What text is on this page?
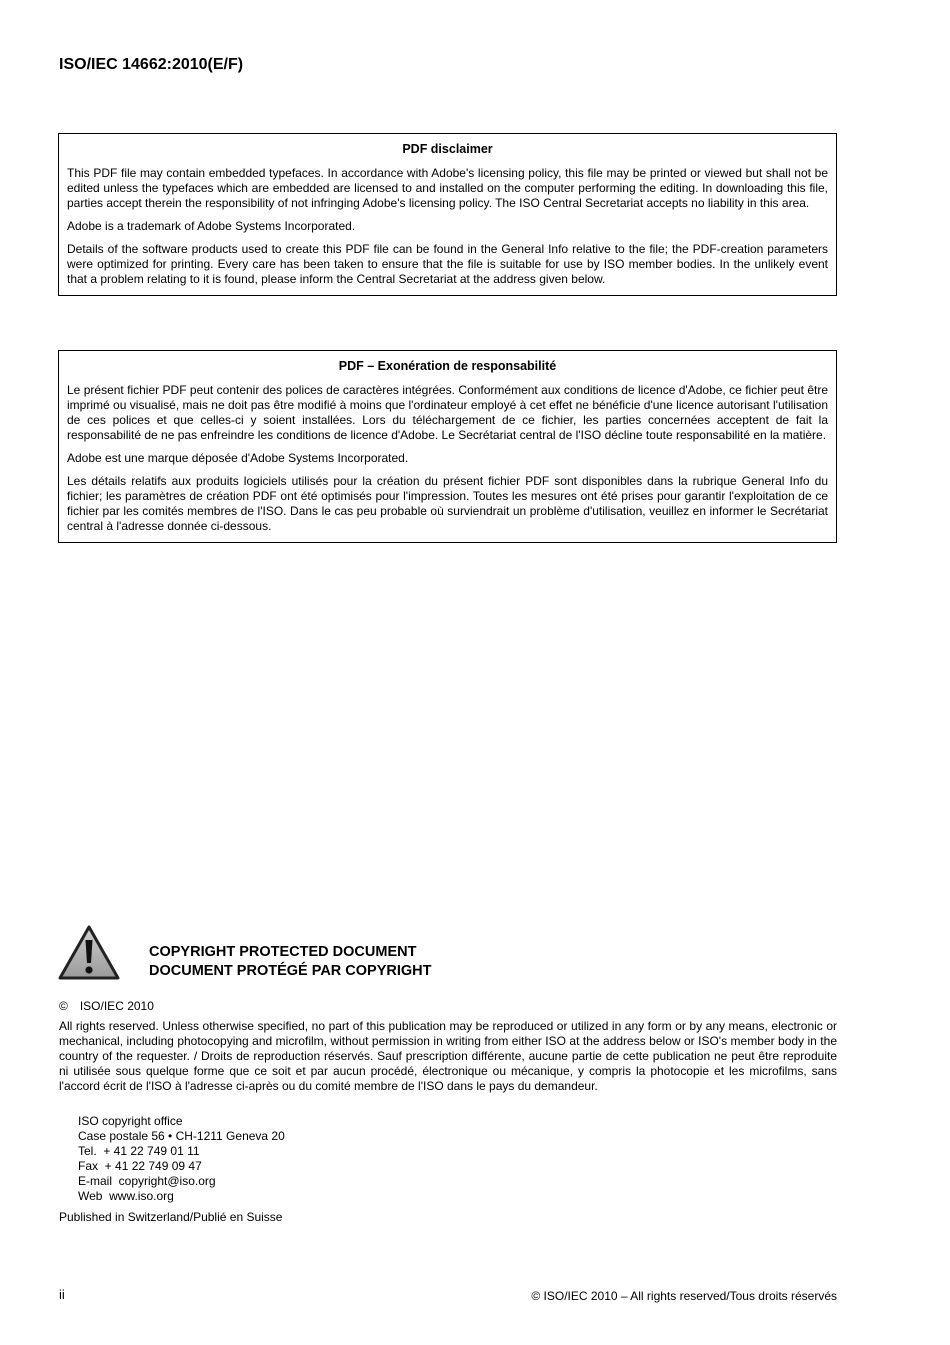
ISO/IEC 14662:2010(E/F)
PDF disclaimer

This PDF file may contain embedded typefaces. In accordance with Adobe's licensing policy, this file may be printed or viewed but shall not be edited unless the typefaces which are embedded are licensed to and installed on the computer performing the editing. In downloading this file, parties accept therein the responsibility of not infringing Adobe's licensing policy. The ISO Central Secretariat accepts no liability in this area.

Adobe is a trademark of Adobe Systems Incorporated.

Details of the software products used to create this PDF file can be found in the General Info relative to the file; the PDF-creation parameters were optimized for printing. Every care has been taken to ensure that the file is suitable for use by ISO member bodies. In the unlikely event that a problem relating to it is found, please inform the Central Secretariat at the address given below.

PDF – Exonération de responsabilité

Le présent fichier PDF peut contenir des polices de caractères intégrées. Conformément aux conditions de licence d'Adobe, ce fichier peut être imprimé ou visualisé, mais ne doit pas être modifié à moins que l'ordinateur employé à cet effet ne bénéficie d'une licence autorisant l'utilisation de ces polices et que celles-ci y soient installées. Lors du téléchargement de ce fichier, les parties concernées acceptent de fait la responsabilité de ne pas enfreindre les conditions de licence d'Adobe. Le Secrétariat central de l'ISO décline toute responsabilité en la matière.

Adobe est une marque déposée d'Adobe Systems Incorporated.

Les détails relatifs aux produits logiciels utilisés pour la création du présent fichier PDF sont disponibles dans la rubrique General Info du fichier; les paramètres de création PDF ont été optimisés pour l'impression. Toutes les mesures ont été prises pour garantir l'exploitation de ce fichier par les comités membres de l'ISO. Dans le cas peu probable où surviendrait un problème d'utilisation, veuillez en informer le Secrétariat central à l'adresse donnée ci-dessous.

COPYRIGHT PROTECTED DOCUMENT
DOCUMENT PROTÉGÉ PAR COPYRIGHT
© ISO/IEC 2010

All rights reserved. Unless otherwise specified, no part of this publication may be reproduced or utilized in any form or by any means, electronic or mechanical, including photocopying and microfilm, without permission in writing from either ISO at the address below or ISO's member body in the country of the requester. / Droits de reproduction réservés. Sauf prescription différente, aucune partie de cette publication ne peut être reproduite ni utilisée sous quelque forme que ce soit et par aucun procédé, électronique ou mécanique, y compris la photocopie et les microfilms, sans l'accord écrit de l'ISO à l'adresse ci-après ou du comité membre de l'ISO dans le pays du demandeur.

ISO copyright office
Case postale 56 • CH-1211 Geneva 20
Tel.  + 41 22 749 01 11
Fax  + 41 22 749 09 47
E-mail  copyright@iso.org
Web  www.iso.org
Published in Switzerland/Publié en Suisse
ii	© ISO/IEC 2010 – All rights reserved/Tous droits réservés
